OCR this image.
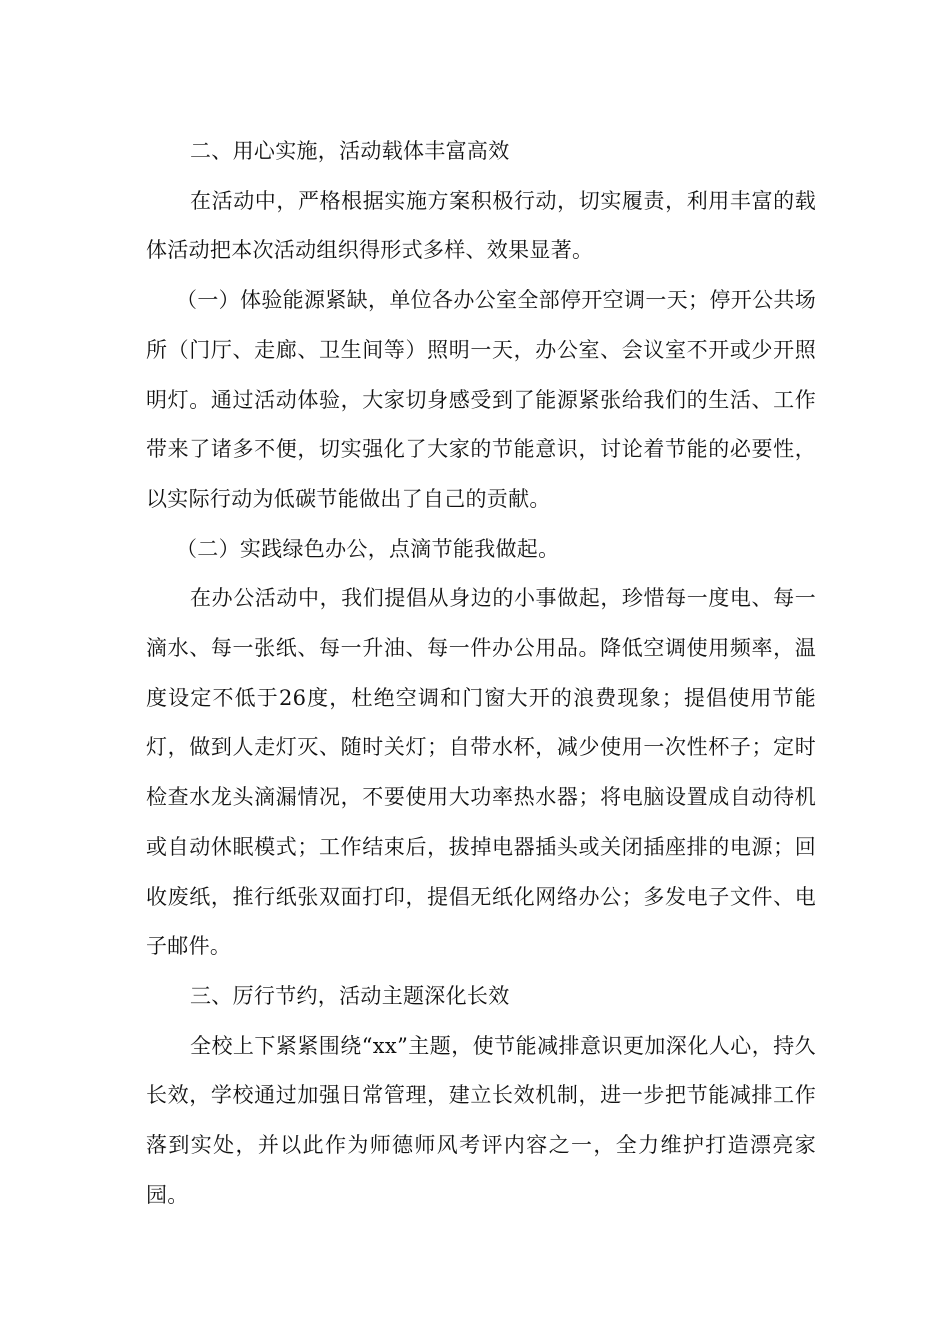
二、用心实施，活动载体丰富高效

在活动中，严格根据实施方案积极行动，切实履责，利用丰富的载体活动把本次活动组织得形式多样、效果显著。

（一）体验能源紧缺，单位各办公室全部停开空调一天；停开公共场所（门厅、走廊、卫生间等）照明一天，办公室、会议室不开或少开照明灯。通过活动体验，大家切身感受到了能源紧张给我们的生活、工作带来了诸多不便，切实强化了大家的节能意识，讨论着节能的必要性，以实际行动为低碳节能做出了自己的贡献。

（二）实践绿色办公，点滴节能我做起。

在办公活动中，我们提倡从身边的小事做起，珍惜每一度电、每一滴水、每一张纸、每一升油、每一件办公用品。降低空调使用频率，温度设定不低于26度，杜绝空调和门窗大开的浪费现象；提倡使用节能灯，做到人走灯灭、随时关灯；自带水杯，减少使用一次性杯子；定时检查水龙头滴漏情况，不要使用大功率热水器；将电脑设置成自动待机或自动休眠模式；工作结束后，拔掉电器插头或关闭插座排的电源；回收废纸，推行纸张双面打印，提倡无纸化网络办公；多发电子文件、电子邮件。

三、厉行节约，活动主题深化长效

全校上下紧紧围绕“xx”主题，使节能减排意识更加深化人心，持久长效，学校通过加强日常管理，建立长效机制，进一步把节能减排工作落到实处，并以此作为师德师风考评内容之一，全力维护打造漂亮家园。
